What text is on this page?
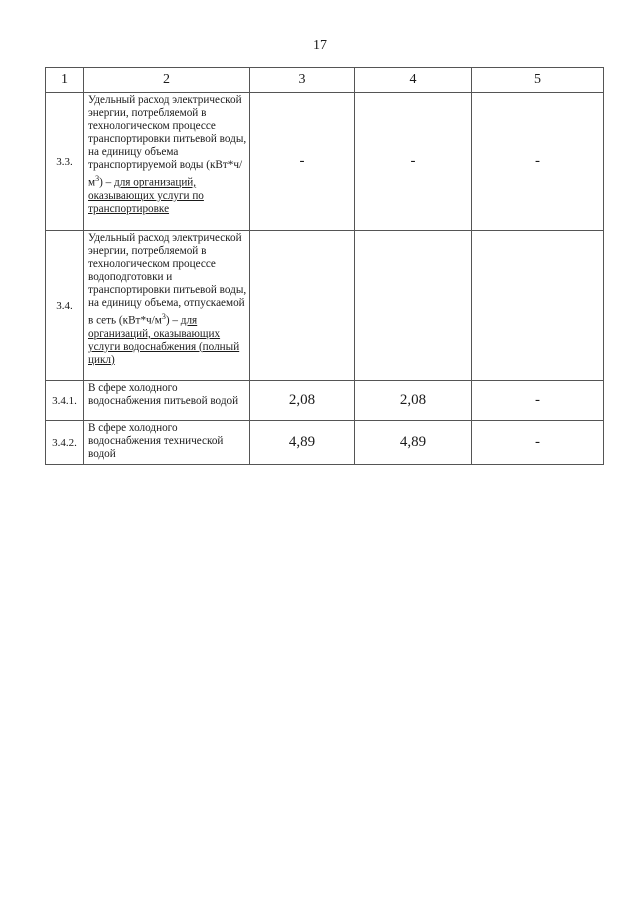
17
1	2	3	4	5
3.3.	Удельный расход электрической энергии, потребляемой в технологическом процессе транспортировки питьевой воды, на единицу объема транспортируемой воды $(кВт*ч/м^3)$ – для организаций, оказывающих услуги по транспортировке	-	-	-
3.4.	Удельный расход электрической энергии, потребляемой в технологическом процессе водоподготовки и транспортировки питьевой воды, на единицу объема, отпускаемой в сеть $(кВт*ч/м^3)$ – для организаций, оказывающих услуги водоснабжения (полный цикл)			
3.4.1.	В сфере холодного водоснабжения питьевой водой	2,08	2,08	-
3.4.2.	В сфере холодного водоснабжения технической водой	4,89	4,89	-
